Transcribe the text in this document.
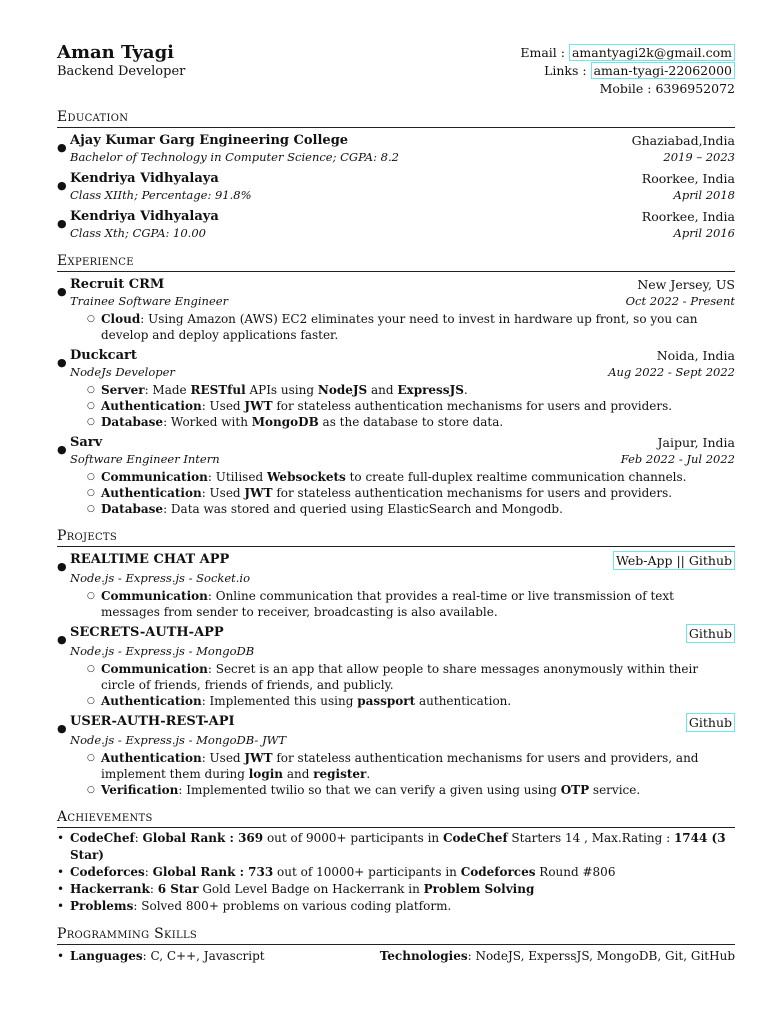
Aman Tyagi
Backend Developer
Email : amantyagi2k@gmail.com
Links : aman-tyagi-22062000
Mobile : 6396952072
Education
● Ajay Kumar Garg Engineering College	Ghaziabad,India
Bachelor of Technology in Computer Science; CGPA: 8.2	2019 – 2023
● Kendriya Vidhyalaya	Roorkee, India
Class XIIth; Percentage: 91.8%	April 2018
● Kendriya Vidhyalaya	Roorkee, India
Class Xth; CGPA: 10.00	April 2016
Experience
● Recruit CRM	New Jersey, US
Trainee Software Engineer	Oct 2022 - Present
○ Cloud: Using Amazon (AWS) EC2 eliminates your need to invest in hardware up front, so you can develop and deploy applications faster.
● Duckcart	Noida, India
NodeJs Developer	Aug 2022 - Sept 2022
○ Server: Made RESTful APIs using NodeJS and ExpressJS.
○ Authentication: Used JWT for stateless authentication mechanisms for users and providers.
○ Database: Worked with MongoDB as the database to store data.
● Sarv	Jaipur, India
Software Engineer Intern	Feb 2022 - Jul 2022
○ Communication: Utilised Websockets to create full-duplex realtime communication channels.
○ Authentication: Used JWT for stateless authentication mechanisms for users and providers.
○ Database: Data was stored and queried using ElasticSearch and Mongodb.
Projects
● REALTIME CHAT APP	Web-App || Github
Node.js - Express.js - Socket.io
○ Communication: Online communication that provides a real-time or live transmission of text messages from sender to receiver, broadcasting is also available.
● SECRETS-AUTH-APP	Github
Node.js - Express.js - MongoDB
○ Communication: Secret is an app that allow people to share messages anonymously within their circle of friends, friends of friends, and publicly.
○ Authentication: Implemented this using passport authentication.
● USER-AUTH-REST-API	Github
Node.js - Express.js - MongoDB- JWT
○ Authentication: Used JWT for stateless authentication mechanisms for users and providers, and implement them during login and register.
○ Verification: Implemented twilio so that we can verify a given using using OTP service.
Achievements
• CodeChef: Global Rank : 369 out of 9000+ participants in CodeChef Starters 14 , Max.Rating : 1744 (3 Star)
• Codeforces: Global Rank : 733 out of 10000+ participants in Codeforces Round #806
• Hackerrank: 6 Star Gold Level Badge on Hackerrank in Problem Solving
• Problems: Solved 800+ problems on various coding platform.
Programming Skills
• Languages: C, C++, Javascript	Technologies: NodeJS, ExperssJS, MongoDB, Git, GitHub
